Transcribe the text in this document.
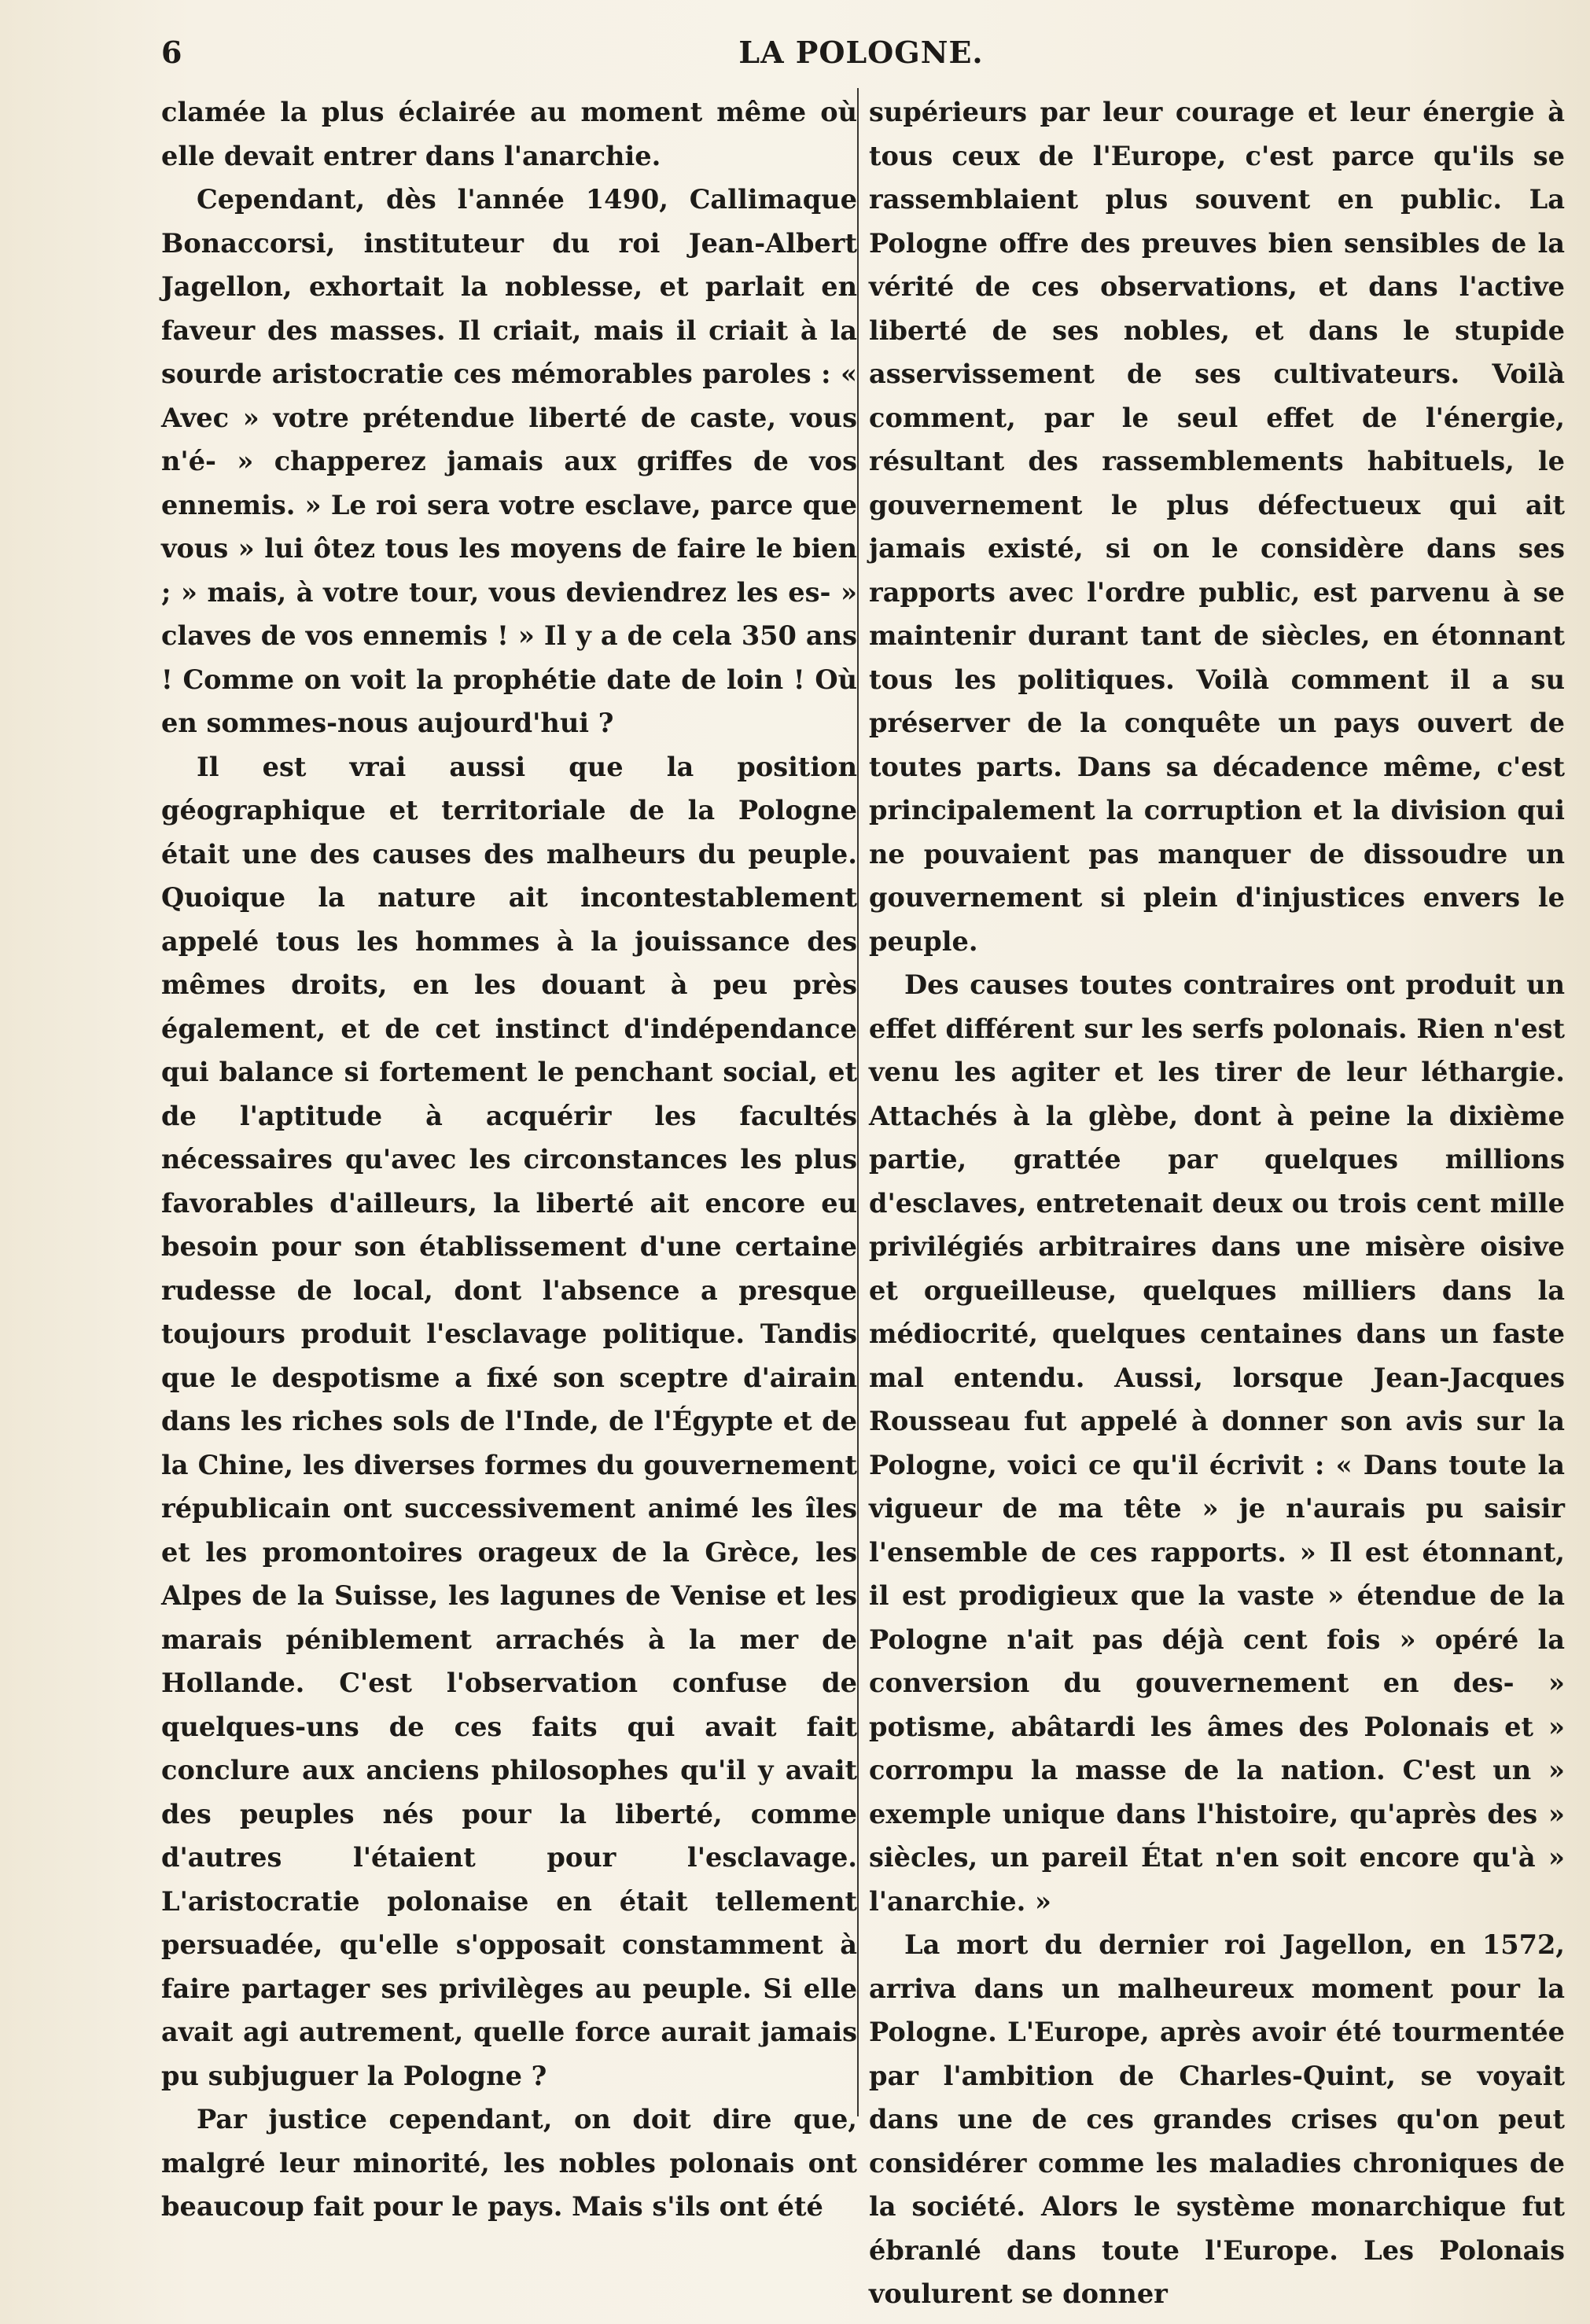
6	LA POLOGNE.

clamée la plus éclairée au moment même où elle devait entrer dans l'anarchie.

Cependant, dès l'année 1490, Callimaque Bonaccorsi, instituteur du roi Jean-Albert Jagellon, exhortait la noblesse, et parlait en faveur des masses. Il criait, mais il criait à la sourde aristocratie ces mémorables paroles : « Avec » votre prétendue liberté de caste, vous n'é- » chapperez jamais aux griffes de vos ennemis. » Le roi sera votre esclave, parce que vous » lui ôtez tous les moyens de faire le bien ; » mais, à votre tour, vous deviendrez les es- » claves de vos ennemis ! » Il y a de cela 350 ans ! Comme on voit la prophétie date de loin ! Où en sommes-nous aujourd'hui ?

Il est vrai aussi que la position géographique et territoriale de la Pologne était une des causes des malheurs du peuple. Quoique la nature ait incontestablement appelé tous les hommes à la jouissance des mêmes droits, en les douant à peu près également, et de cet instinct d'indépendance qui balance si fortement le penchant social, et de l'aptitude à acquérir les facultés nécessaires qu'avec les circonstances les plus favorables d'ailleurs, la liberté ait encore eu besoin pour son établissement d'une certaine rudesse de local, dont l'absence a presque toujours produit l'esclavage politique. Tandis que le despotisme a fixé son sceptre d'airain dans les riches sols de l'Inde, de l'Égypte et de la Chine, les diverses formes du gouvernement républicain ont successivement animé les îles et les promontoires orageux de la Grèce, les Alpes de la Suisse, les lagunes de Venise et les marais péniblement arrachés à la mer de Hollande. C'est l'observation confuse de quelques-uns de ces faits qui avait fait conclure aux anciens philosophes qu'il y avait des peuples nés pour la liberté, comme d'autres l'étaient pour l'esclavage. L'aristocratie polonaise en était tellement persuadée, qu'elle s'opposait constamment à faire partager ses privilèges au peuple. Si elle avait agi autrement, quelle force aurait jamais pu subjuguer la Pologne ?

Par justice cependant, on doit dire que, malgré leur minorité, les nobles polonais ont beaucoup fait pour le pays. Mais s'ils ont été

supérieurs par leur courage et leur énergie à tous ceux de l'Europe, c'est parce qu'ils se rassemblaient plus souvent en public. La Pologne offre des preuves bien sensibles de la vérité de ces observations, et dans l'active liberté de ses nobles, et dans le stupide asservissement de ses cultivateurs. Voilà comment, par le seul effet de l'énergie, résultant des rassemblements habituels, le gouvernement le plus défectueux qui ait jamais existé, si on le considère dans ses rapports avec l'ordre public, est parvenu à se maintenir durant tant de siècles, en étonnant tous les politiques. Voilà comment il a su préserver de la conquête un pays ouvert de toutes parts. Dans sa décadence même, c'est principalement la corruption et la division qui ne pouvaient pas manquer de dissoudre un gouvernement si plein d'injustices envers le peuple.

Des causes toutes contraires ont produit un effet différent sur les serfs polonais. Rien n'est venu les agiter et les tirer de leur léthargie. Attachés à la glèbe, dont à peine la dixième partie, grattée par quelques millions d'esclaves, entretenait deux ou trois cent mille privilégiés arbitraires dans une misère oisive et orgueilleuse, quelques milliers dans la médiocrité, quelques centaines dans un faste mal entendu. Aussi, lorsque Jean-Jacques Rousseau fut appelé à donner son avis sur la Pologne, voici ce qu'il écrivit : « Dans toute la vigueur de ma tête » je n'aurais pu saisir l'ensemble de ces rapports. » Il est étonnant, il est prodigieux que la vaste » étendue de la Pologne n'ait pas déjà cent fois » opéré la conversion du gouvernement en des- » potisme, abâtardi les âmes des Polonais et » corrompu la masse de la nation. C'est un » exemple unique dans l'histoire, qu'après des » siècles, un pareil État n'en soit encore qu'à » l'anarchie. »

La mort du dernier roi Jagellon, en 1572, arriva dans un malheureux moment pour la Pologne. L'Europe, après avoir été tourmentée par l'ambition de Charles-Quint, se voyait dans une de ces grandes crises qu'on peut considérer comme les maladies chroniques de la société. Alors le système monarchique fut ébranlé dans toute l'Europe. Les Polonais voulurent se donner
